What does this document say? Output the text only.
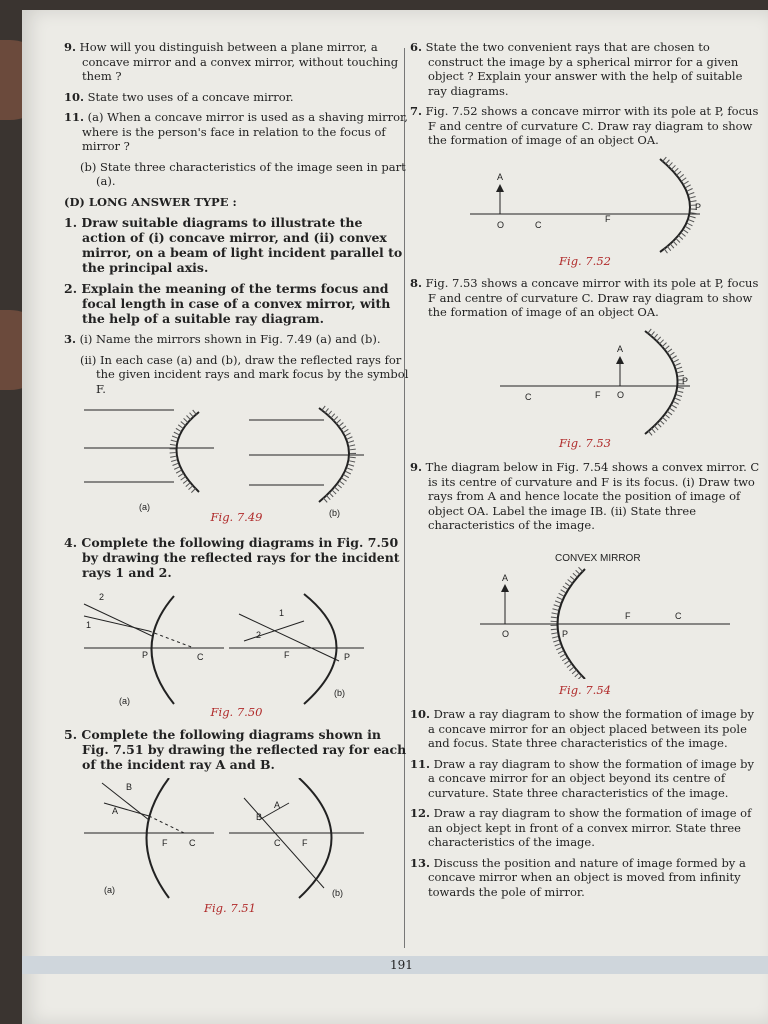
9. How will you distinguish between a plane mirror, a concave mirror and a convex mirror, without touching them ?

10. State two uses of a concave mirror.

11. (a) When a concave mirror is used as a shaving mirror, where is the person's face in relation to the focus of mirror ?

(b) State three characteristics of the image seen in part (a).

(D) LONG ANSWER TYPE :

1. Draw suitable diagrams to illustrate the action of (i) concave mirror, and (ii) convex mirror, on a beam of light incident parallel to the principal axis.

2. Explain the meaning of the terms focus and focal length in case of a convex mirror, with the help of a suitable ray diagram.

3. (i) Name the mirrors shown in Fig. 7.49 (a) and (b).

(ii) In each case (a) and (b), draw the reflected rays for the given incident rays and mark focus by the symbol F.

(a)
(b)
Fig. 7.49

4. Complete the following diagrams in Fig. 7.50 by drawing the reflected rays for the incident rays 1 and 2.

2
1
P	C
(a)
1
2
F	P
(b)
Fig. 7.50

5. Complete the following diagrams shown in Fig. 7.51 by drawing the reflected ray for each of the incident ray A and B.

B
A
F C
(a)
A
B
C F
(b)
Fig. 7.51

6. State the two convenient rays that are chosen to construct the image by a spherical mirror for a given object ? Explain your answer with the help of suitable ray diagrams.

7. Fig. 7.52 shows a concave mirror with its pole at P, focus F and centre of curvature C. Draw ray diagram to show the formation of image of an object OA.

A
O	C
F
P
Fig. 7.52

8. Fig. 7.53 shows a concave mirror with its pole at P, focus F and centre of curvature C. Draw ray diagram to show the formation of image of an object OA.

A
C	F O
P
Fig. 7.53

9. The diagram below in Fig. 7.54 shows a convex mirror. C is its centre of curvature and F is its focus. (i) Draw two rays from A and hence locate the position of image of object OA. Label the image IB. (ii) State three characteristics of the image.

CONVEX MIRROR
A
O	P
F	C
Fig. 7.54

10. Draw a ray diagram to show the formation of image by a concave mirror for an object placed between its pole and focus. State three characteristics of the image.

11. Draw a ray diagram to show the formation of image by a concave mirror for an object beyond its centre of curvature. State three characteristics of the image.

12. Draw a ray diagram to show the formation of image of an object kept in front of a convex mirror. State three characteristics of the image.

13. Discuss the position and nature of image formed by a concave mirror when an object is moved from infinity towards the pole of mirror.

191
